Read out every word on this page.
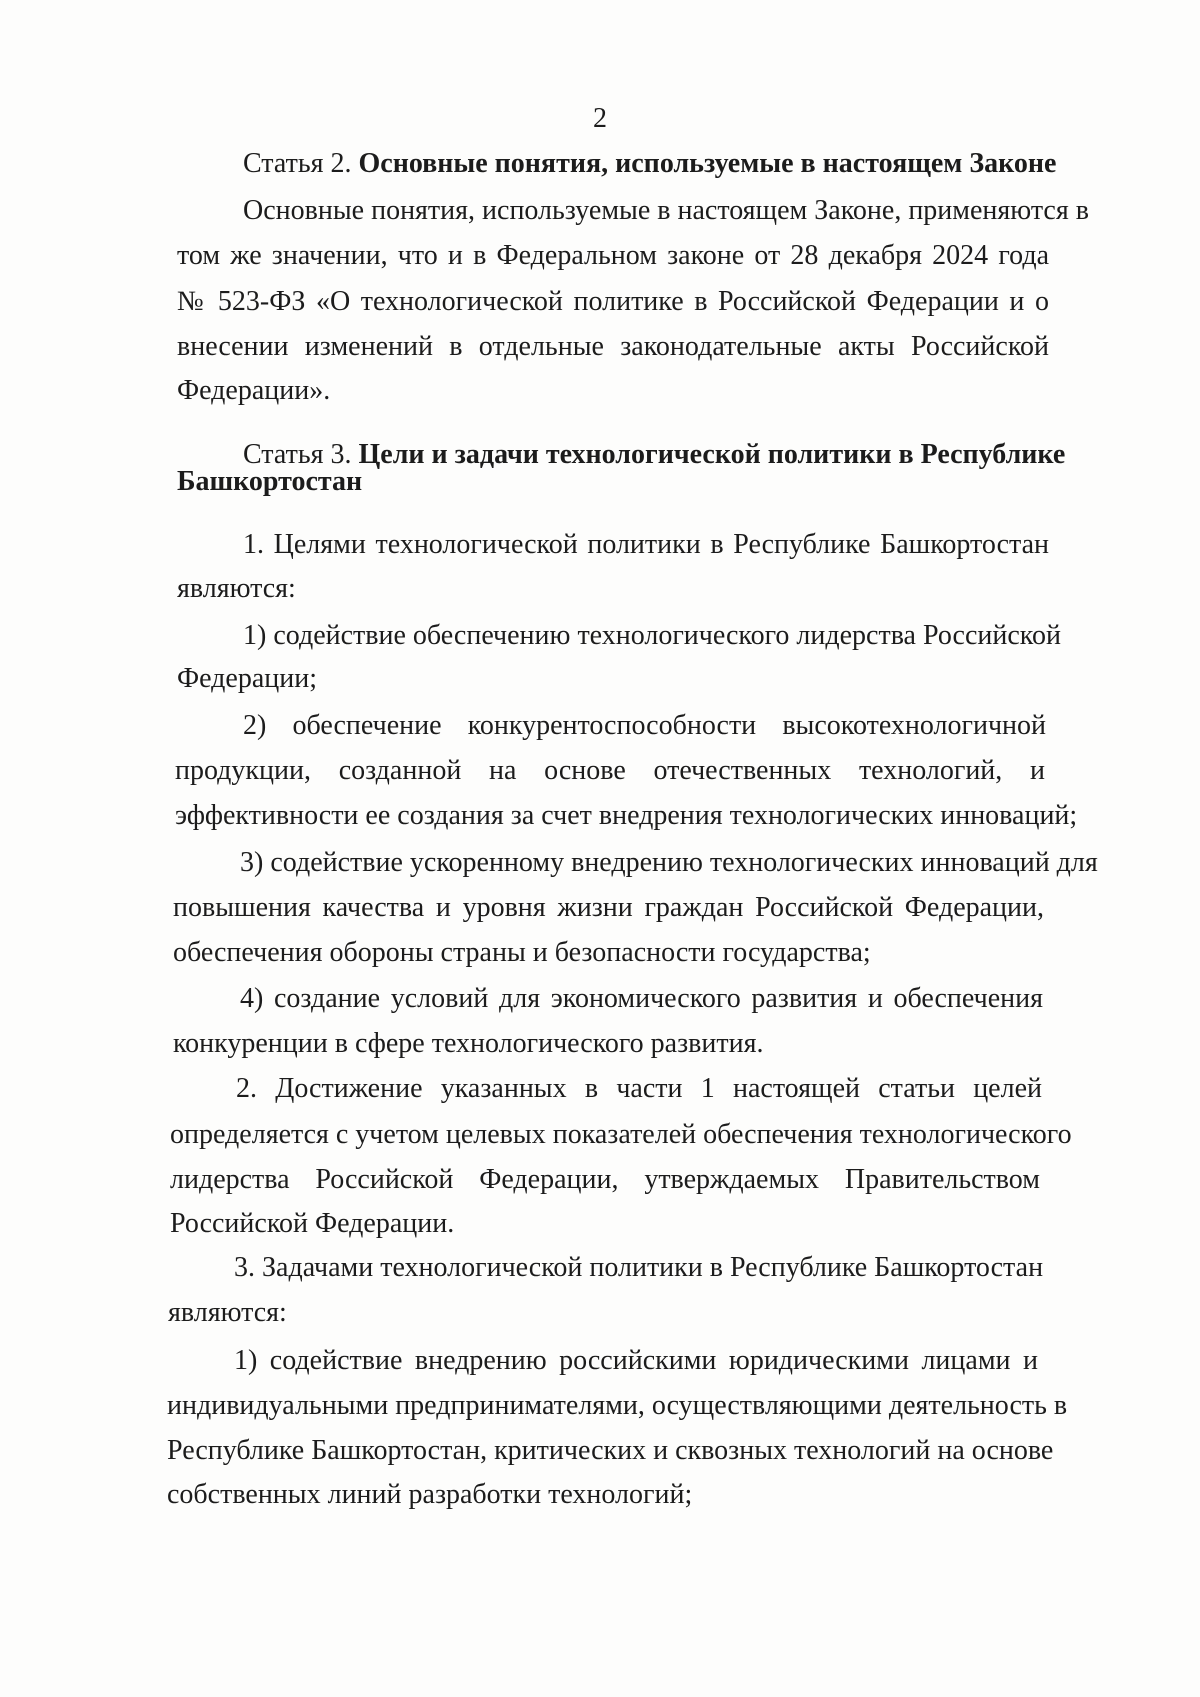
2
Статья 2. Основные понятия, используемые в настоящем Законе
Основные понятия, используемые в настоящем Законе, применяются в
том же значении, что и в Федеральном законе от 28 декабря 2024 года
№ 523-ФЗ «О технологической политике в Российской Федерации и о
внесении изменений в отдельные законодательные акты Российской
Федерации».
Статья 3. Цели и задачи технологической политики в Республике
Башкортостан
1. Целями технологической политики в Республике Башкортостан
являются:
1) содействие обеспечению технологического лидерства Российской
Федерации;
2) обеспечение конкурентоспособности высокотехнологичной
продукции, созданной на основе отечественных технологий, и
эффективности ее создания за счет внедрения технологических инноваций;
3) содействие ускоренному внедрению технологических инноваций для
повышения качества и уровня жизни граждан Российской Федерации,
обеспечения обороны страны и безопасности государства;
4) создание условий для экономического развития и обеспечения
конкуренции в сфере технологического развития.
2. Достижение указанных в части 1 настоящей статьи целей
определяется с учетом целевых показателей обеспечения технологического
лидерства Российской Федерации, утверждаемых Правительством
Российской Федерации.
3. Задачами технологической политики в Республике Башкортостан
являются:
1) содействие внедрению российскими юридическими лицами и
индивидуальными предпринимателями, осуществляющими деятельность в
Республике Башкортостан, критических и сквозных технологий на основе
собственных линий разработки технологий;
